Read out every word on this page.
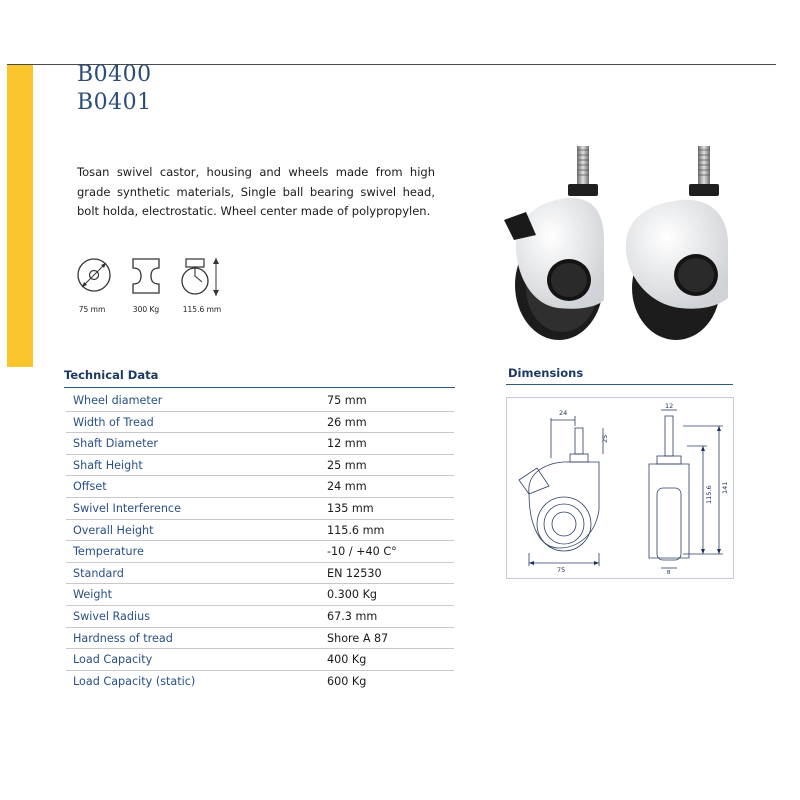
B0400
B0401
Tosan swivel castor, housing and wheels made from high grade synthetic materials, Single ball bearing swivel head, bolt holda, electrostatic. Wheel center made of polypropylen.
75 mm	300 Kg	115.6 mm
Technical Data
Wheel diameter	75 mm
Width of Tread	26 mm
Shaft Diameter	12 mm
Shaft Height	25 mm
Offset	24 mm
Swivel Interference	135 mm
Overall Height	115.6 mm
Temperature	-10 / +40 C°
Standard	EN 12530
Weight	0.300 Kg
Swivel Radius	67.3 mm
Hardness of tread	Shore A 87
Load Capacity	400 Kg
Load Capacity (static)	600 Kg
Dimensions
24
25
75
12
115.6 141
B
